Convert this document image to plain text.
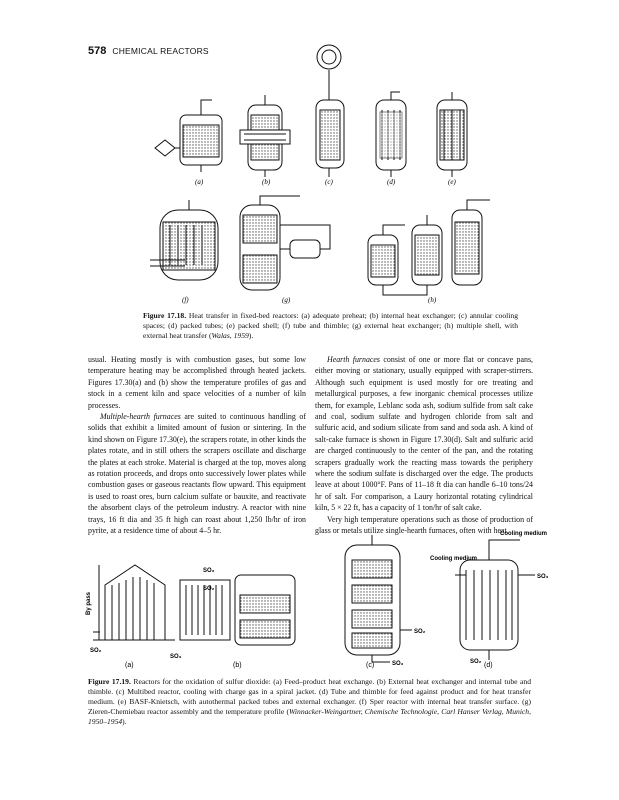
578 CHEMICAL REACTORS
(a)	(b)	(c)	(d)	(e)
(f)	(g)	(h)
By pass
SO₂
SO₃
SO₃
SO₂
SO₂
SO₃
Cooling medium
Cooling medium
SO₃
SO₂
(a)	(b)	(c)	(d)
Figure 17.18. Heat transfer in fixed-bed reactors: (a) adequate preheat; (b) internal heat exchanger; (c) annular cooling spaces; (d) packed tubes; (e) packed shell; (f) tube and thimble; (g) external heat exchanger; (h) multiple shell, with external heat transfer (Walas, 1959).

usual. Heating mostly is with combustion gases, but some low temperature heating may be accomplished through heated jackets. Figures 17.30(a) and (b) show the temperature profiles of gas and stock in a cement kiln and space velocities of a number of kiln processes.

Multiple-hearth furnaces are suited to continuous handling of solids that exhibit a limited amount of fusion or sintering. In the kind shown on Figure 17.30(e), the scrapers rotate, in other kinds the plates rotate, and in still others the scrapers oscillate and discharge the plates at each stroke. Material is charged at the top, moves along as rotation proceeds, and drops onto successively lower plates while combustion gases or gaseous reactants flow upward. This equipment is used to roast ores, burn calcium sulfate or bauxite, and reactivate the absorbent clays of the petroleum industry. A reactor with nine trays, 16 ft dia and 35 ft high can roast about 1,250 lb/hr of iron pyrite, at a residence time of about 4–5 hr.

Hearth furnaces consist of one or more flat or concave pans, either moving or stationary, usually equipped with scraper-stirrers. Although such equipment is used mostly for ore treating and metallurgical purposes, a few inorganic chemical processes utilize them, for example, Leblanc soda ash, sodium sulfide from salt cake and coal, sodium sulfate and hydrogen chloride from salt and sulfuric acid, and sodium silicate from sand and soda ash. A kind of salt-cake furnace is shown in Figure 17.30(d). Salt and sulfuric acid are charged continuously to the center of the pan, and the rotating scrapers gradually work the reacting mass towards the periphery where the sodium sulfate is discharged over the edge. The products leave at about 1000°F. Pans of 11–18 ft dia can handle 6–10 tons/24 hr of salt. For comparison, a Laury horizontal rotating cylindrical kiln, 5 × 22 ft, has a capacity of 1 ton/hr of salt cake.

Very high temperature operations such as those of production of glass or metals utilize single-hearth furnaces, often with heat

Figure 17.19. Reactors for the oxidation of sulfur dioxide: (a) Feed–product heat exchange. (b) External heat exchanger and internal tube and thimble. (c) Multibed reactor, cooling with charge gas in a spiral jacket. (d) Tube and thimble for feed against product and for heat transfer medium. (e) BASF-Knietsch, with autothermal packed tubes and external exchanger. (f) Sper reactor with internal heat transfer surface. (g) Zieren-Chemiebau reactor assembly and the temperature profile (Winnacker-Weingartner, Chemische Technologie, Carl Hanser Verlag, Munich, 1950–1954).
